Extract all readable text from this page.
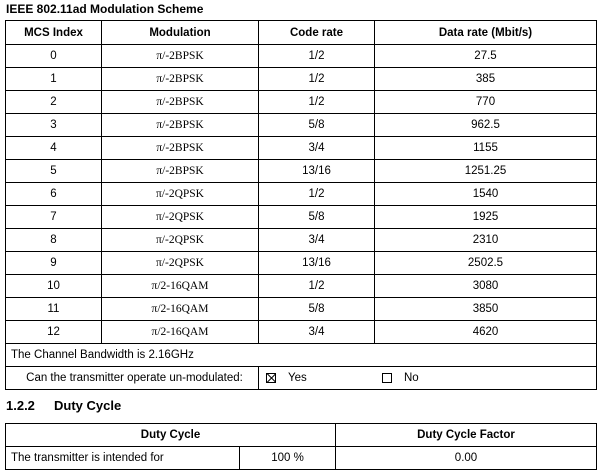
IEEE 802.11ad Modulation Scheme
MCS Index	Modulation	Code rate	Data rate (Mbit/s)
0	π/-2BPSK	1/2	27.5
1	π/-2BPSK	1/2	385
2	π/-2BPSK	1/2	770
3	π/-2BPSK	5/8	962.5
4	π/-2BPSK	3/4	1155
5	π/-2BPSK	13/16	1251.25
6	π/-2QPSK	1/2	1540
7	π/-2QPSK	5/8	1925
8	π/-2QPSK	3/4	2310
9	π/-2QPSK	13/16	2502.5
10	π/2-16QAM	1/2	3080
11	π/2-16QAM	5/8	3850
12	π/2-16QAM	3/4	4620
The Channel Bandwidth is 2.16GHz			

Can the transmitter operate un-modulated: Yes No			
1.2.2 Duty Cycle
Duty Cycle		Duty Cycle Factor
The transmitter is intended for	100 %	0.00
